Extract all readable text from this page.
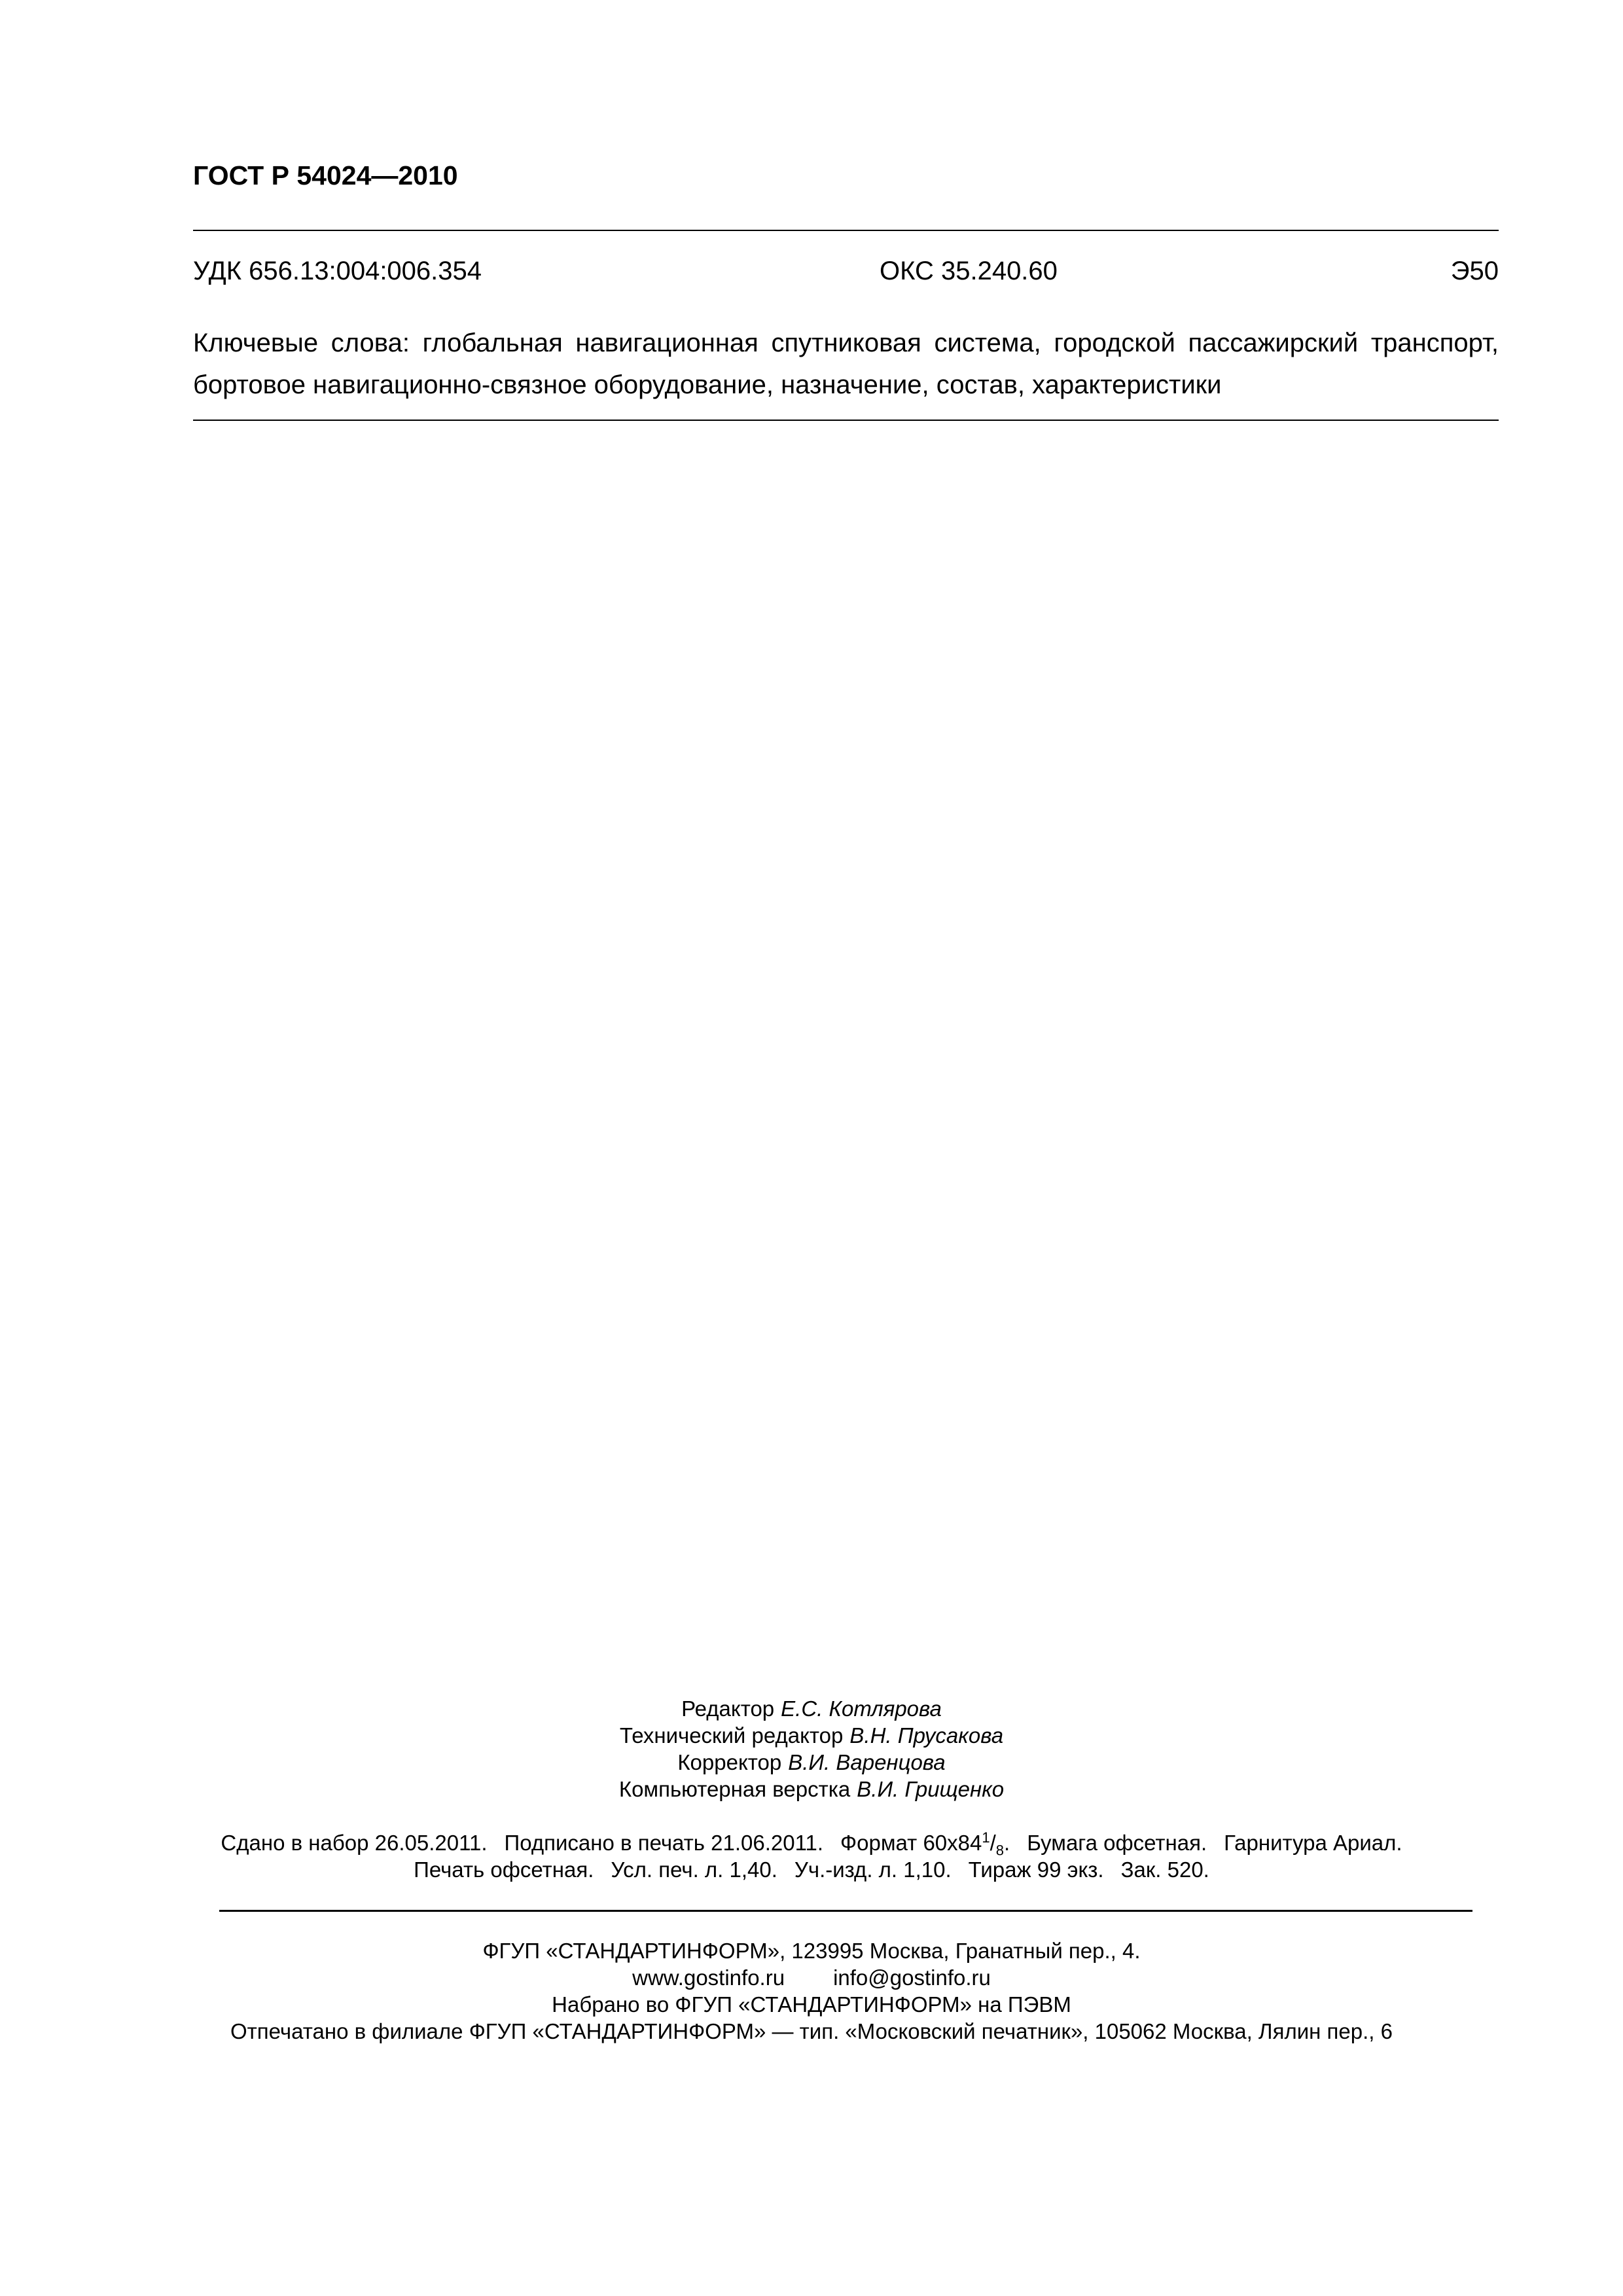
ГОСТ Р 54024—2010
УДК 656.13:004:006.354	ОКС 35.240.60	Э50
Ключевые слова: глобальная навигационная спутниковая система, городской пассажирский транспорт,
бортовое навигационно-связное оборудование, назначение, состав, характеристики
Редактор Е.С. Котлярова
Технический редактор В.Н. Прусакова
Корректор В.И. Варенцова
Компьютерная верстка В.И. Грищенко
Сдано в набор 26.05.2011. Подписано в печать 21.06.2011. Формат $60x84^1/_8$. Бумага офсетная. Гарнитура Ариал.
Печать офсетная. Усл. печ. л. 1,40. Уч.-изд. л. 1,10. Тираж 99 экз. Зак. 520.
ФГУП «СТАНДАРТИНФОРМ», 123995 Москва, Гранатный пер., 4.
www.gostinfo.ru info@gostinfo.ru
Набрано во ФГУП «СТАНДАРТИНФОРМ» на ПЭВМ
Отпечатано в филиале ФГУП «СТАНДАРТИНФОРМ» — тип. «Московский печатник», 105062 Москва, Лялин пер., 6
